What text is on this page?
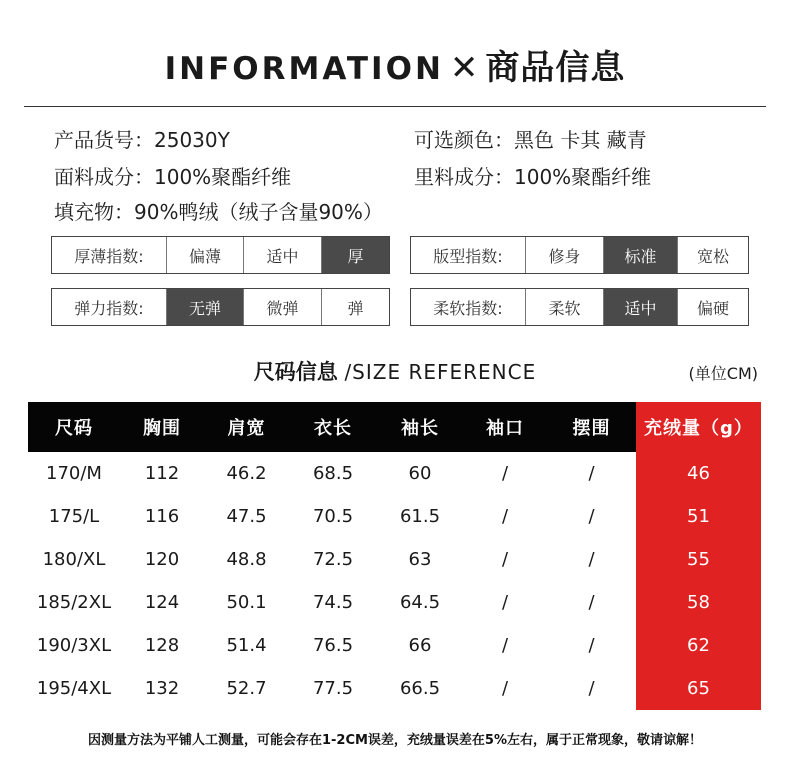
INFORMATION ✕ 商品信息
产品货号：25030Y	可选颜色：黑色 卡其 藏青
面料成分：100%聚酯纤维	里料成分：100%聚酯纤维
填充物：90%鸭绒（绒子含量90%）
厚薄指数:	偏薄	适中	厚	版型指数:	修身	标准	宽松
弹力指数:	无弹	微弹	弹	柔软指数:	柔软	适中	偏硬
尺码信息 /SIZE REFERENCE	(单位CM)
尺码	胸围	肩宽	衣长	袖长	袖口	摆围	充绒量（g）
170/M	112	46.2	68.5	60	/	/	46
175/L	116	47.5	70.5	61.5	/	/	51
180/XL	120	48.8	72.5	63	/	/	55
185/2XL	124	50.1	74.5	64.5	/	/	58
190/3XL	128	51.4	76.5	66	/	/	62
195/4XL	132	52.7	77.5	66.5	/	/	65
因测量方法为平铺人工测量，可能会存在1-2CM误差，充绒量误差在5%左右，属于正常现象，敬请谅解！
